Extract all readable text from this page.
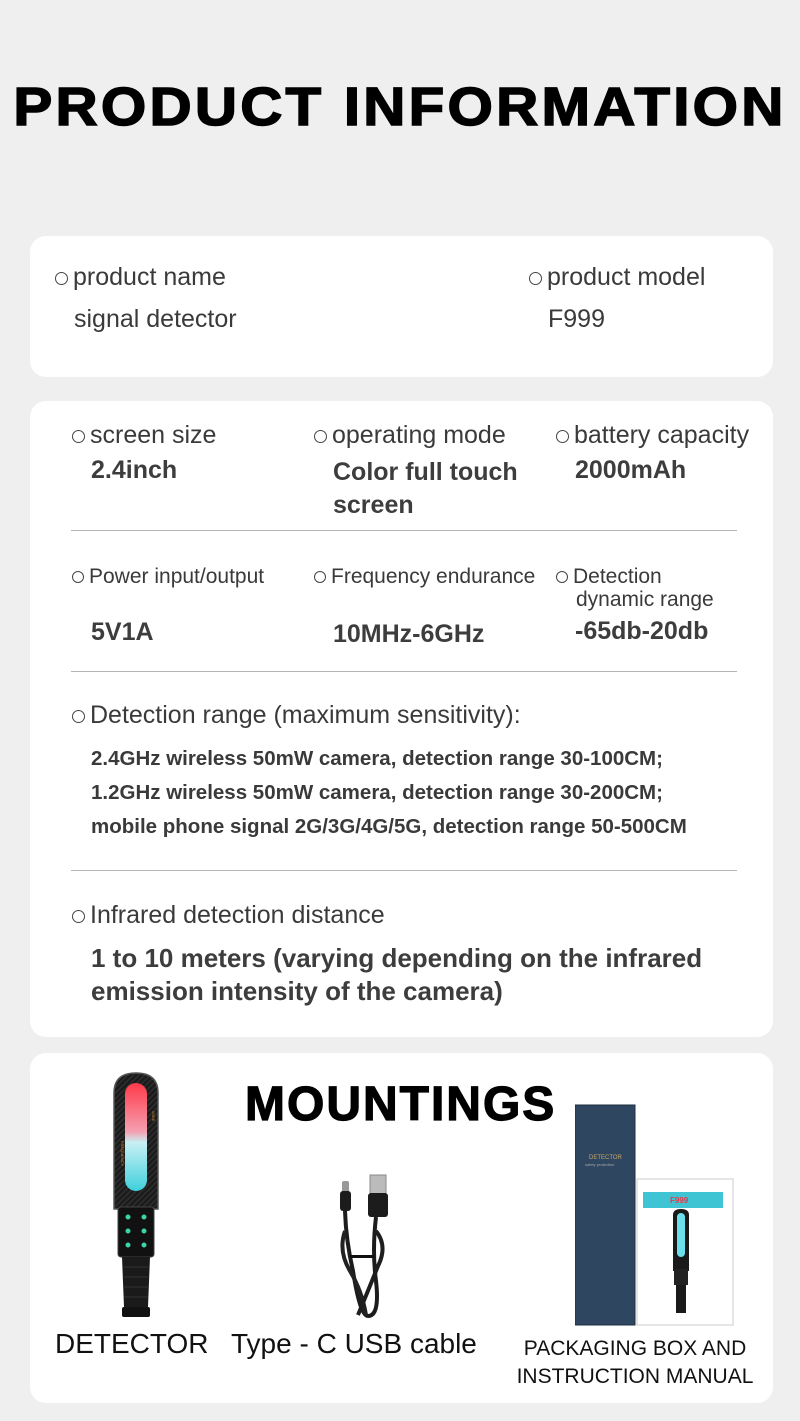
PRODUCT INFORMATION
product name
signal detector
product model
F999
screen size
2.4inch
operating mode
Color full touch
screen
battery capacity
2000mAh
Power input/output
5V1A
Frequency endurance
10MHz-6GHz
Detection
dynamic range
-65db-20db
Detection range (maximum sensitivity):
2.4GHz wireless 50mW camera, detection range 30-100CM;
1.2GHz wireless 50mW camera, detection range 30-200CM;
mobile phone signal 2G/3G/4G/5G, detection range 50-500CM
Infrared detection distance
1 to 10 meters (varying depending on the infrared
emission intensity of the camera)
MOUNTINGS
FREQUENCY
WIDE
DETECTOR
safety protection
F999
DETECTOR Type - C USB cable	PACKAGING BOX AND
INSTRUCTION MANUAL
